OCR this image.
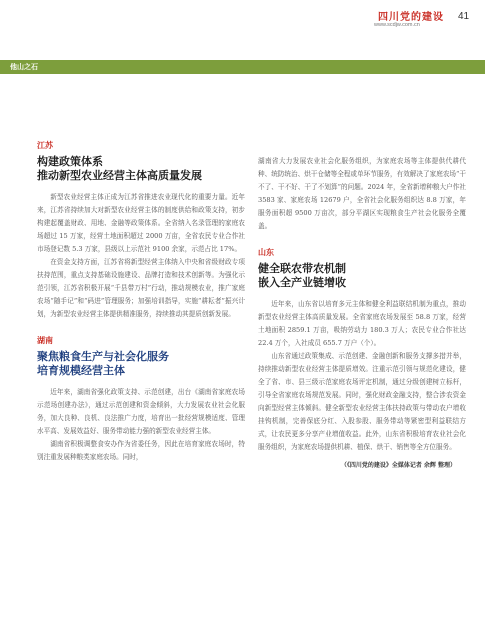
四川党的建设
www.scdjw.com.cn
41
他山之石
江苏
构建政策体系
推动新型农业经营主体高质量发展

新型农业经营主体正成为江苏省推进农业现代化的重要力量。近年来，江苏省持续加大对新型农业经营主体的制度供给和政策支持，初步构建起覆盖财政、用地、金融等政策体系。全省纳入名录管理的家庭农场超过 15 万家，经营土地面积超过 2000 万亩，全省农民专业合作社市场登记数 5.3 万家，县级以上示范社 9100 余家，示范占比 17%。

在资金支持方面，江苏省将新型经营主体纳入中央和省级财政专项扶持范围，重点支持基础设施建设、品牌打造和技术创新等。为强化示范引领，江苏省积极开展“千县带万村”行动，推动规模农业，推广家庭农场“随手记”和“码进”管理服务；加强培训指导，实施“耕耘者”振兴计划，为新型农业经营主体提供精准服务，持续推动其提质创新发展。

湖南
聚焦粮食生产与社会化服务
培育规模经营主体

近年来，湖南省强化政策支持、示范创建，出台《湖南省家庭农场示范场创建办法》，通过示范创建和资金倾斜，大力发展农业社会化服务，加大良种、良机、良法推广力度，培育出一批经营规模适度、管理水平高、发展效益好、服务带动能力强的新型农业经营主体。

湖南省积极调整食安办作为省委任务，因此在培育家庭农场时，特别注重发展种粮类家庭农场。同时，

湖南省大力发展农业社会化服务组织，为家庭农场等主体提供代耕代种、统防统治、烘干仓储等全程或单环节服务，有效解决了家庭农场“干不了、干不好、干了不划算”的问题。2024 年，全省新增种粮大户作社 3583 家、家庭农场 12679 户，全省社会化服务组织达 8.8 万家，年服务面积超 9500 万亩次，部分平湖区实现粮食生产社会化服务全覆盖。

山东
健全联农带农机制
嵌入全产业链增收

近年来，山东省以培育多元主体和健全利益联结机制为重点，推动新型农业经营主体高质量发展。全省家庭农场发展至 58.8 万家，经营土地面积 2859.1 万亩，吸纳劳动力 180.3 万人；农民专业合作社达 22.4 万个，入社成员 655.7 万户（个）。

山东省通过政策集成、示范创建、金融创新和服务支撑多措并举，持续推动新型农业经营主体提质增效。注重示范引领与规范化建设，健全了省、市、县三级示范家庭农场评定机制，通过分级创建树立标杆，引导全省家庭农场规范发展。同时，强化财政金融支持，整合涉农资金向新型经营主体倾斜。健全新型农业经营主体扶持政策与带动农户增收挂钩机制，完善保底分红、入股参股、服务带动等紧密型利益联结方式，让农民更多分享产业增值收益。此外，山东省积极培育农业社会化服务组织，为家庭农场提供机耕、植保、烘干、销售等全方位服务。

（《四川党的建设》全媒体记者 余辉 整理）
